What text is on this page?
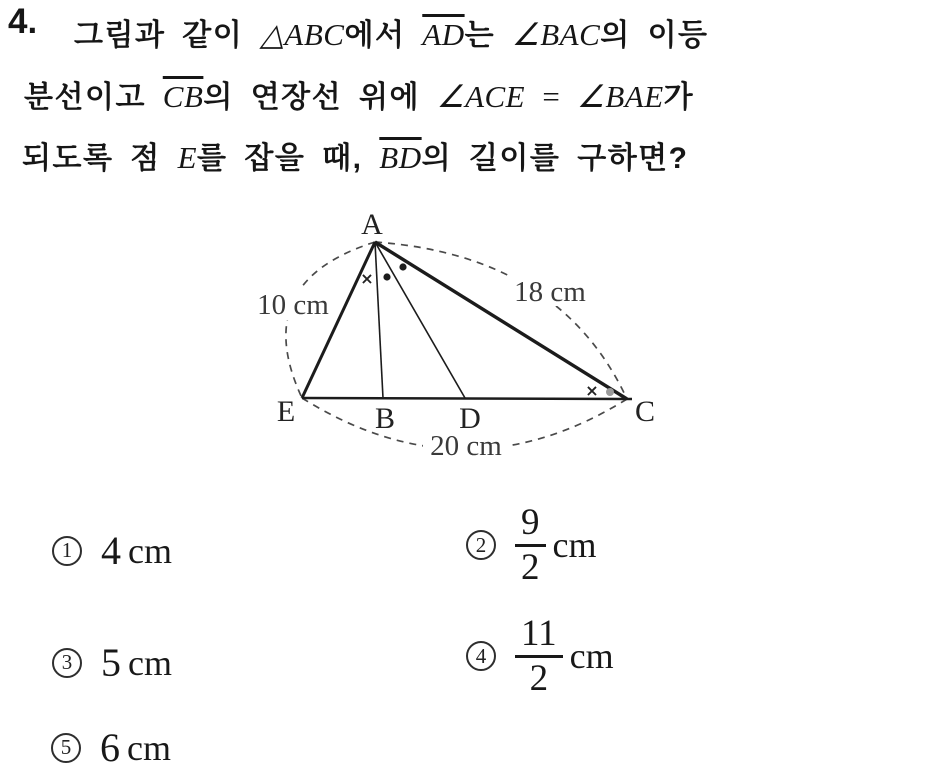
4. 그림과 같이 △ABC에서 $\overline{AD}$는 ∠BAC의 이등
분선이고 $\overline{CB}$의 연장선 위에 ∠ACE = ∠BAE가
되도록 점 E를 잡을 때, $\overline{BD}$의 길이를 구하면?
×
×
A
E	B D	C
10 cm	18 cm
20 cm
1 4 cm	$2 \frac{9}{2}$ cm
3 5 cm	$4 \frac{11}{2}$ cm
5 6 cm
